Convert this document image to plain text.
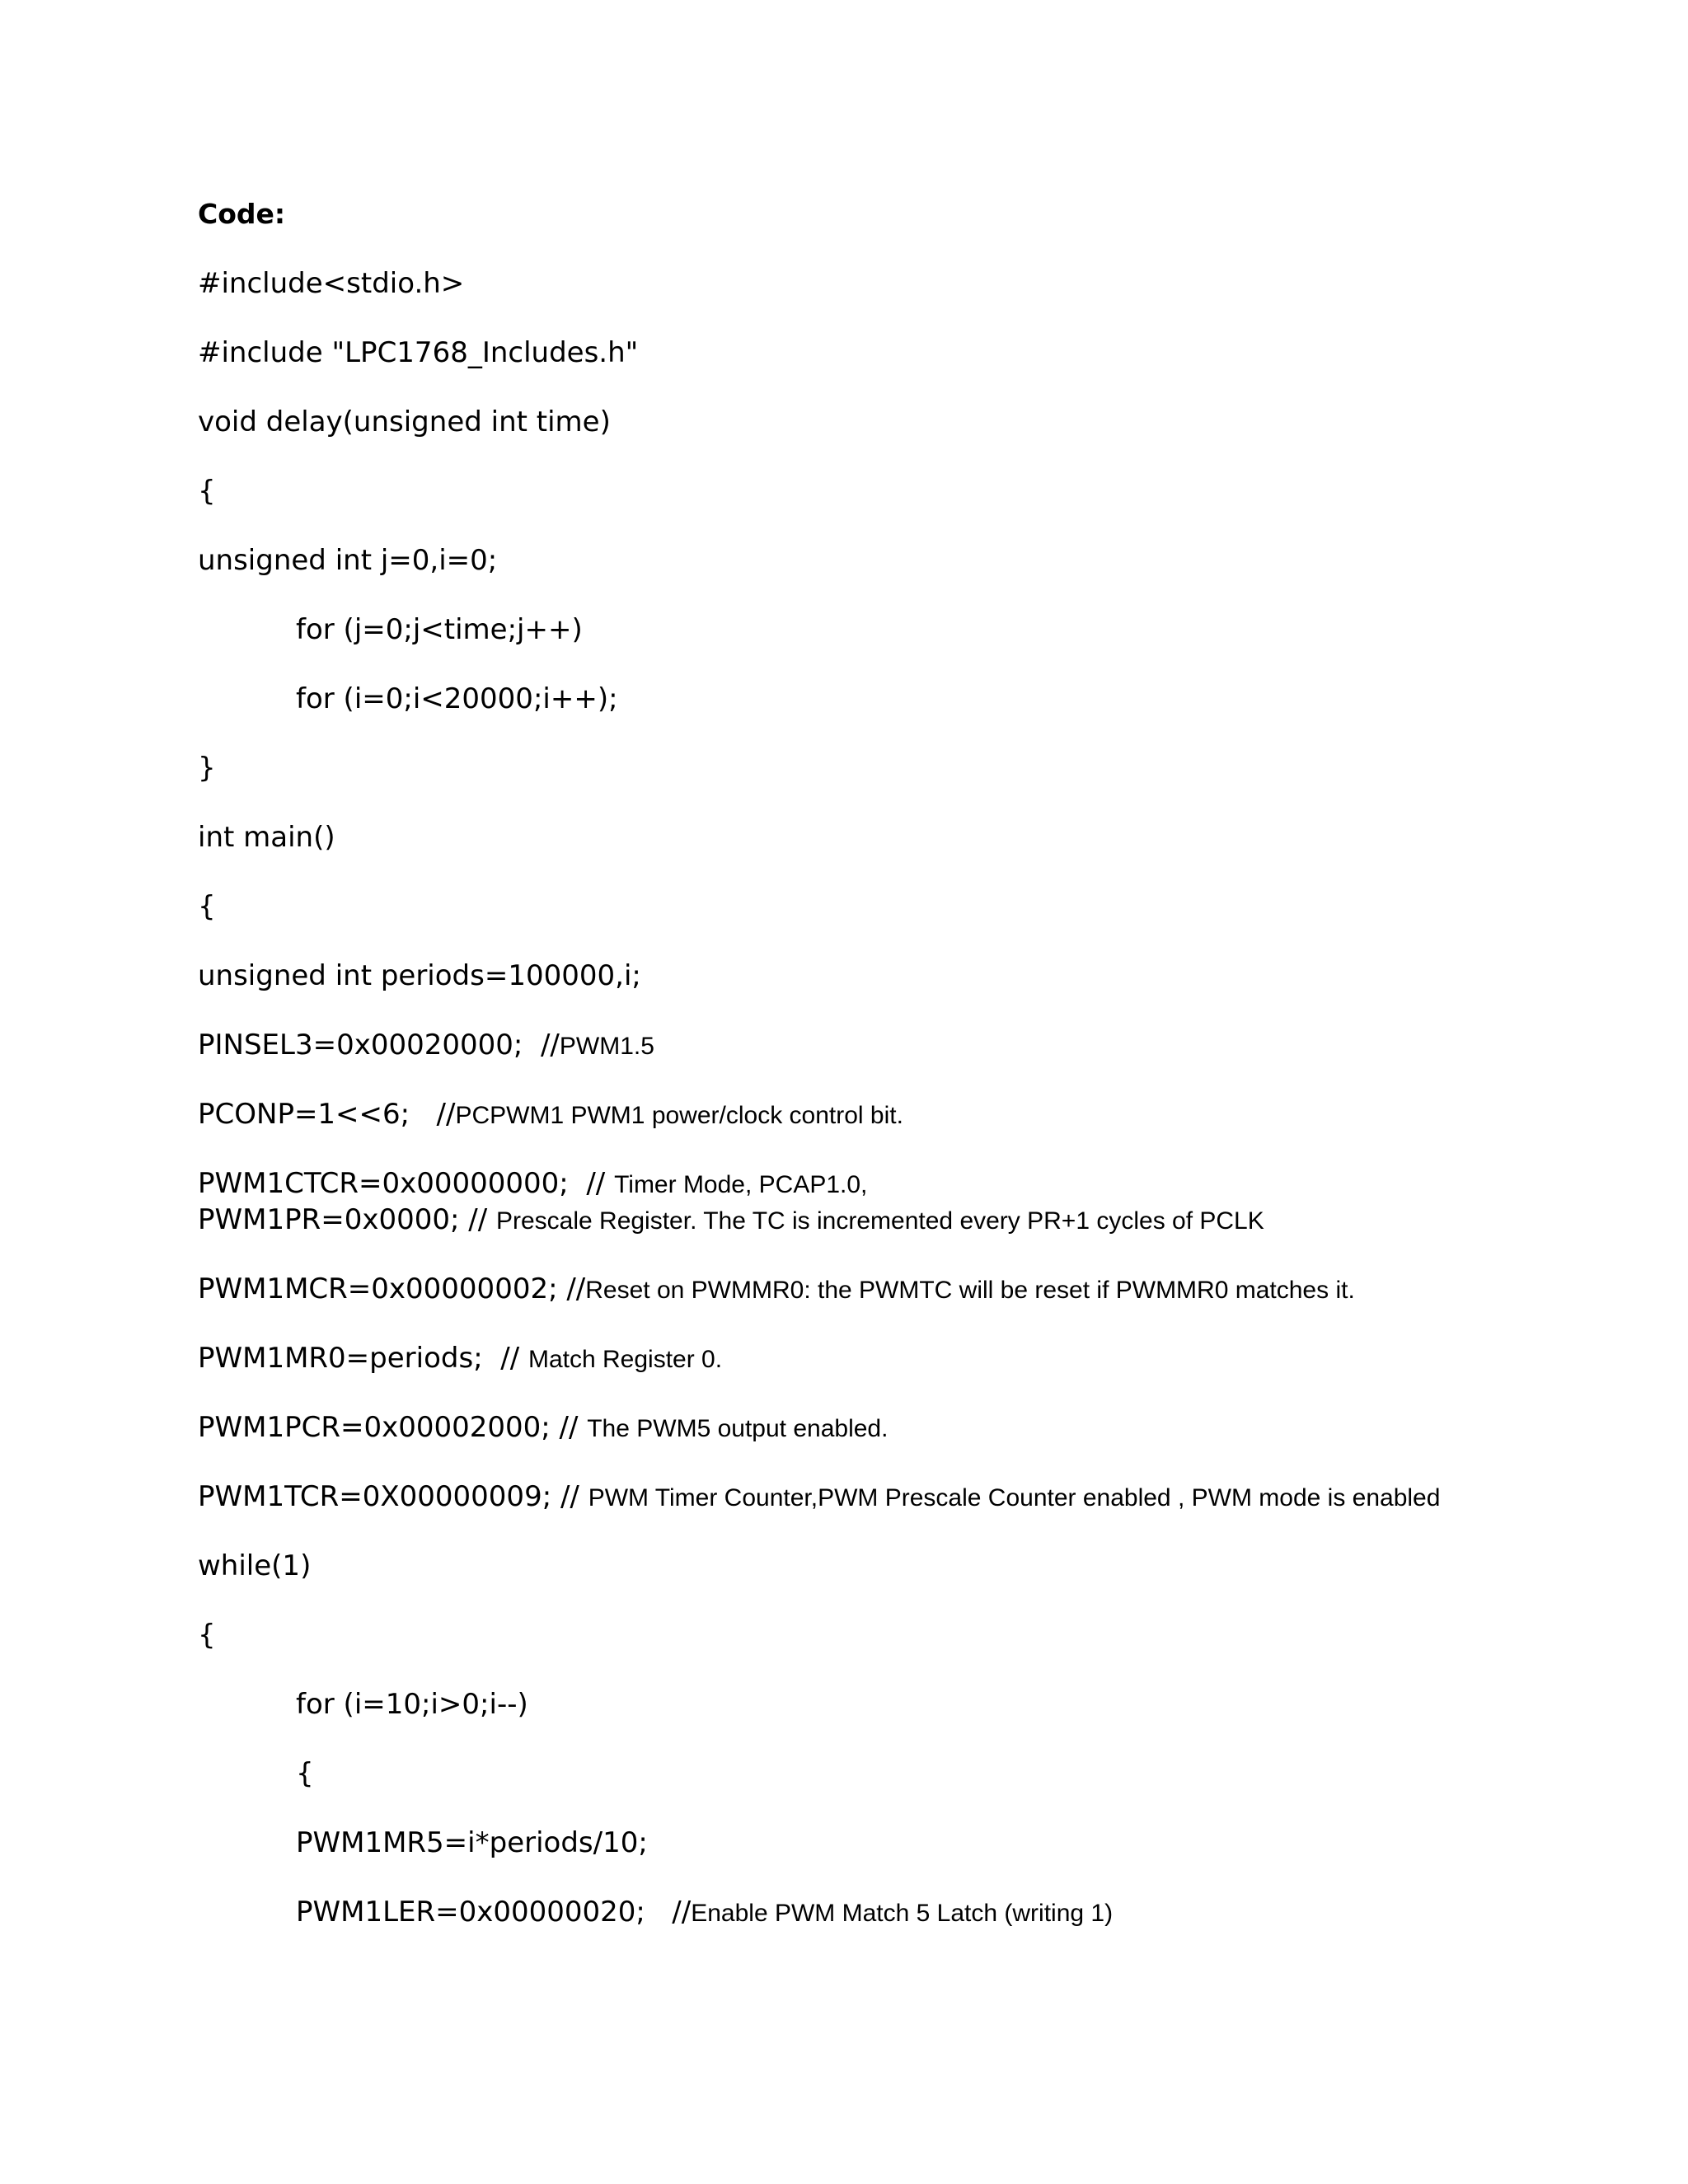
Code:
#include<stdio.h>
#include "LPC1768_Includes.h"
void delay(unsigned int time)
{
unsigned int j=0,i=0;
for (j=0;j<time;j++)
for (i=0;i<20000;i++);
}
int main()
{
unsigned int periods=100000,i;
PINSEL3=0x00020000;  //PWM1.5
PCONP=1<<6;   //PCPWM1 PWM1 power/clock control bit.
PWM1CTCR=0x00000000;  // Timer Mode, PCAP1.0,
PWM1PR=0x0000; // Prescale Register. The TC is incremented every PR+1 cycles of PCLK
PWM1MCR=0x00000002; //Reset on PWMMR0: the PWMTC will be reset if PWMMR0 matches it.
PWM1MR0=periods;  // Match Register 0.
PWM1PCR=0x00002000; // The PWM5 output enabled.
PWM1TCR=0X00000009; // PWM Timer Counter,PWM Prescale Counter enabled , PWM mode is enabled
while(1)
{
for (i=10;i>0;i--)
{
PWM1MR5=i*periods/10;
PWM1LER=0x00000020;   //Enable PWM Match 5 Latch (writing 1)
